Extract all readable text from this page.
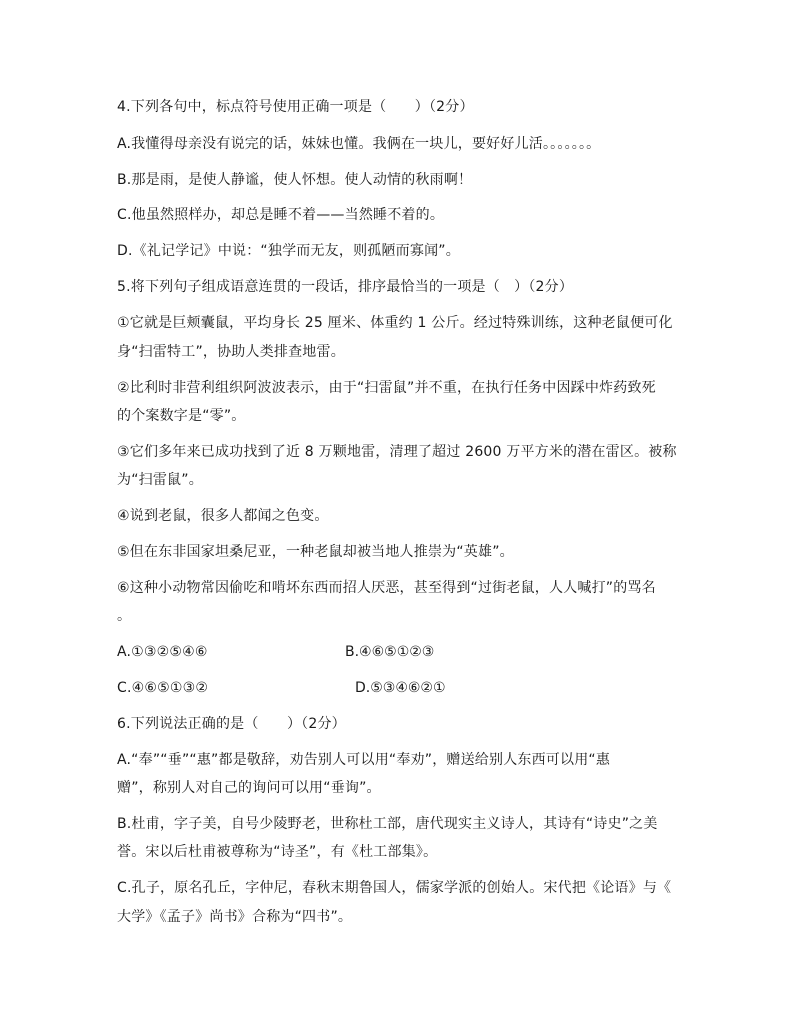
4.下列各句中，标点符号使用正确一项是（　　）（2分）
A.我懂得母亲没有说完的话，妹妹也懂。我俩在一块儿，要好好儿活。。。。。。。
B.那是雨，是使人静谧，使人怀想。使人动情的秋雨啊！
C.他虽然照样办，却总是睡不着——当然睡不着的。
D.《礼记学记》中说：“独学而无友，则孤陋而寡闻”。
5.将下列句子组成语意连贯的一段话，排序最恰当的一项是（　）（2分）
①它就是巨颊囊鼠，平均身长 25 厘米、体重约 1 公斤。经过特殊训练，这种老鼠便可化
身“扫雷特工”，协助人类排查地雷。
②比利时非营利组织阿波波表示，由于“扫雷鼠”并不重，在执行任务中因踩中炸药致死
的个案数字是“零”。
③它们多年来已成功找到了近 8 万颗地雷，清理了超过 2600 万平方米的潜在雷区。被称
为“扫雷鼠”。
④说到老鼠，很多人都闻之色变。
⑤但在东非国家坦桑尼亚，一种老鼠却被当地人推崇为“英雄”。
⑥这种小动物常因偷吃和啃坏东西而招人厌恶，甚至得到“过街老鼠，人人喊打”的骂名
。
A.①③②⑤④⑥	B.④⑥⑤①②③
C.④⑥⑤①③②	D.⑤③④⑥②①
6.下列说法正确的是（　　）（2分）
A.“奉”“垂”“惠”都是敬辞，劝告别人可以用“奉劝”，赠送给别人东西可以用“惠
赠”，称别人对自己的询问可以用“垂询”。
B.杜甫，字子美，自号少陵野老，世称杜工部，唐代现实主义诗人，其诗有“诗史”之美
誉。宋以后杜甫被尊称为“诗圣”，有《杜工部集》。
C.孔子，原名孔丘，字仲尼，春秋末期鲁国人，儒家学派的创始人。宋代把《论语》与《
大学》《孟子》尚书》合称为“四书”。
